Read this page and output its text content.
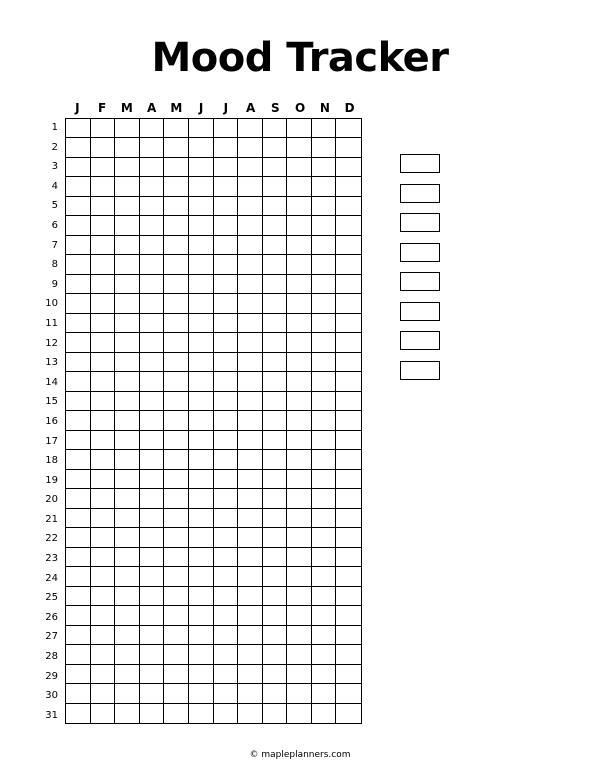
Mood Tracker
J	F	M	A	M	J	J	A	S	O	N	D
1
2
3
4
5
6
7
8
9
10
11
12
13
14
15
16
17
18
19
20
21
22
23
24
25
26
27
28
29
30
31
© mapleplanners.com
